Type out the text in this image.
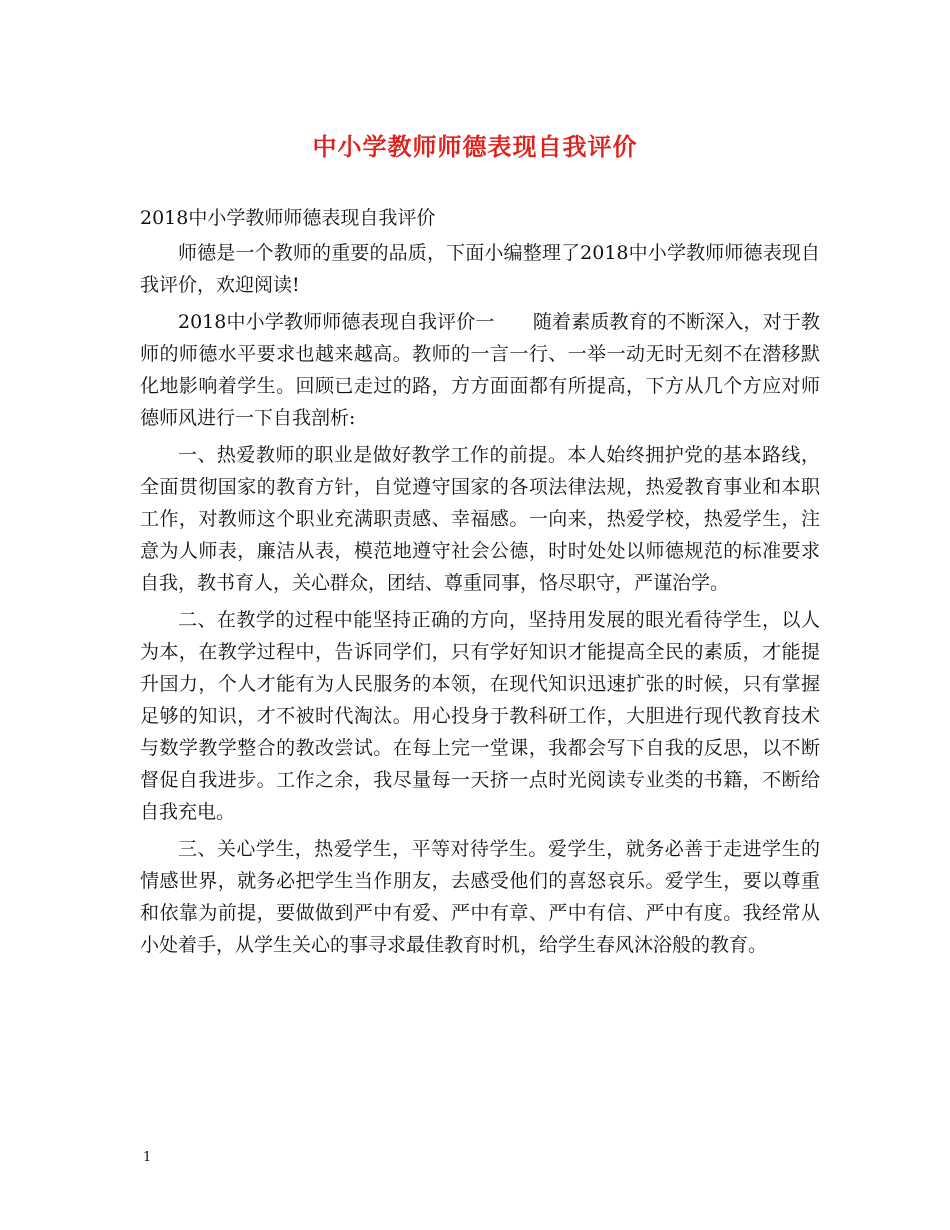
中小学教师师德表现自我评价

2018中小学教师师德表现自我评价

师德是一个教师的重要的品质，下面小编整理了2018中小学教师师德表现自我评价，欢迎阅读!

2018中小学教师师德表现自我评价一　　随着素质教育的不断深入，对于教师的师德水平要求也越来越高。教师的一言一行、一举一动无时无刻不在潜移默化地影响着学生。回顾已走过的路，方方面面都有所提高，下方从几个方应对师德师风进行一下自我剖析:

一、热爱教师的职业是做好教学工作的前提。本人始终拥护党的基本路线，全面贯彻国家的教育方针，自觉遵守国家的各项法律法规，热爱教育事业和本职工作，对教师这个职业充满职责感、幸福感。一向来，热爱学校，热爱学生，注意为人师表，廉洁从表，模范地遵守社会公德，时时处处以师德规范的标准要求自我，教书育人，关心群众，团结、尊重同事，恪尽职守，严谨治学。

二、在教学的过程中能坚持正确的方向，坚持用发展的眼光看待学生，以人为本，在教学过程中，告诉同学们，只有学好知识才能提高全民的素质，才能提升国力，个人才能有为人民服务的本领，在现代知识迅速扩张的时候，只有掌握足够的知识，才不被时代淘汰。用心投身于教科研工作，大胆进行现代教育技术与数学教学整合的教改尝试。在每上完一堂课，我都会写下自我的反思，以不断督促自我进步。工作之余，我尽量每一天挤一点时光阅读专业类的书籍，不断给自我充电。

三、关心学生，热爱学生，平等对待学生。爱学生，就务必善于走进学生的情感世界，就务必把学生当作朋友，去感受他们的喜怒哀乐。爱学生，要以尊重和依靠为前提，要做做到严中有爱、严中有章、严中有信、严中有度。我经常从小处着手，从学生关心的事寻求最佳教育时机，给学生春风沐浴般的教育。

1
